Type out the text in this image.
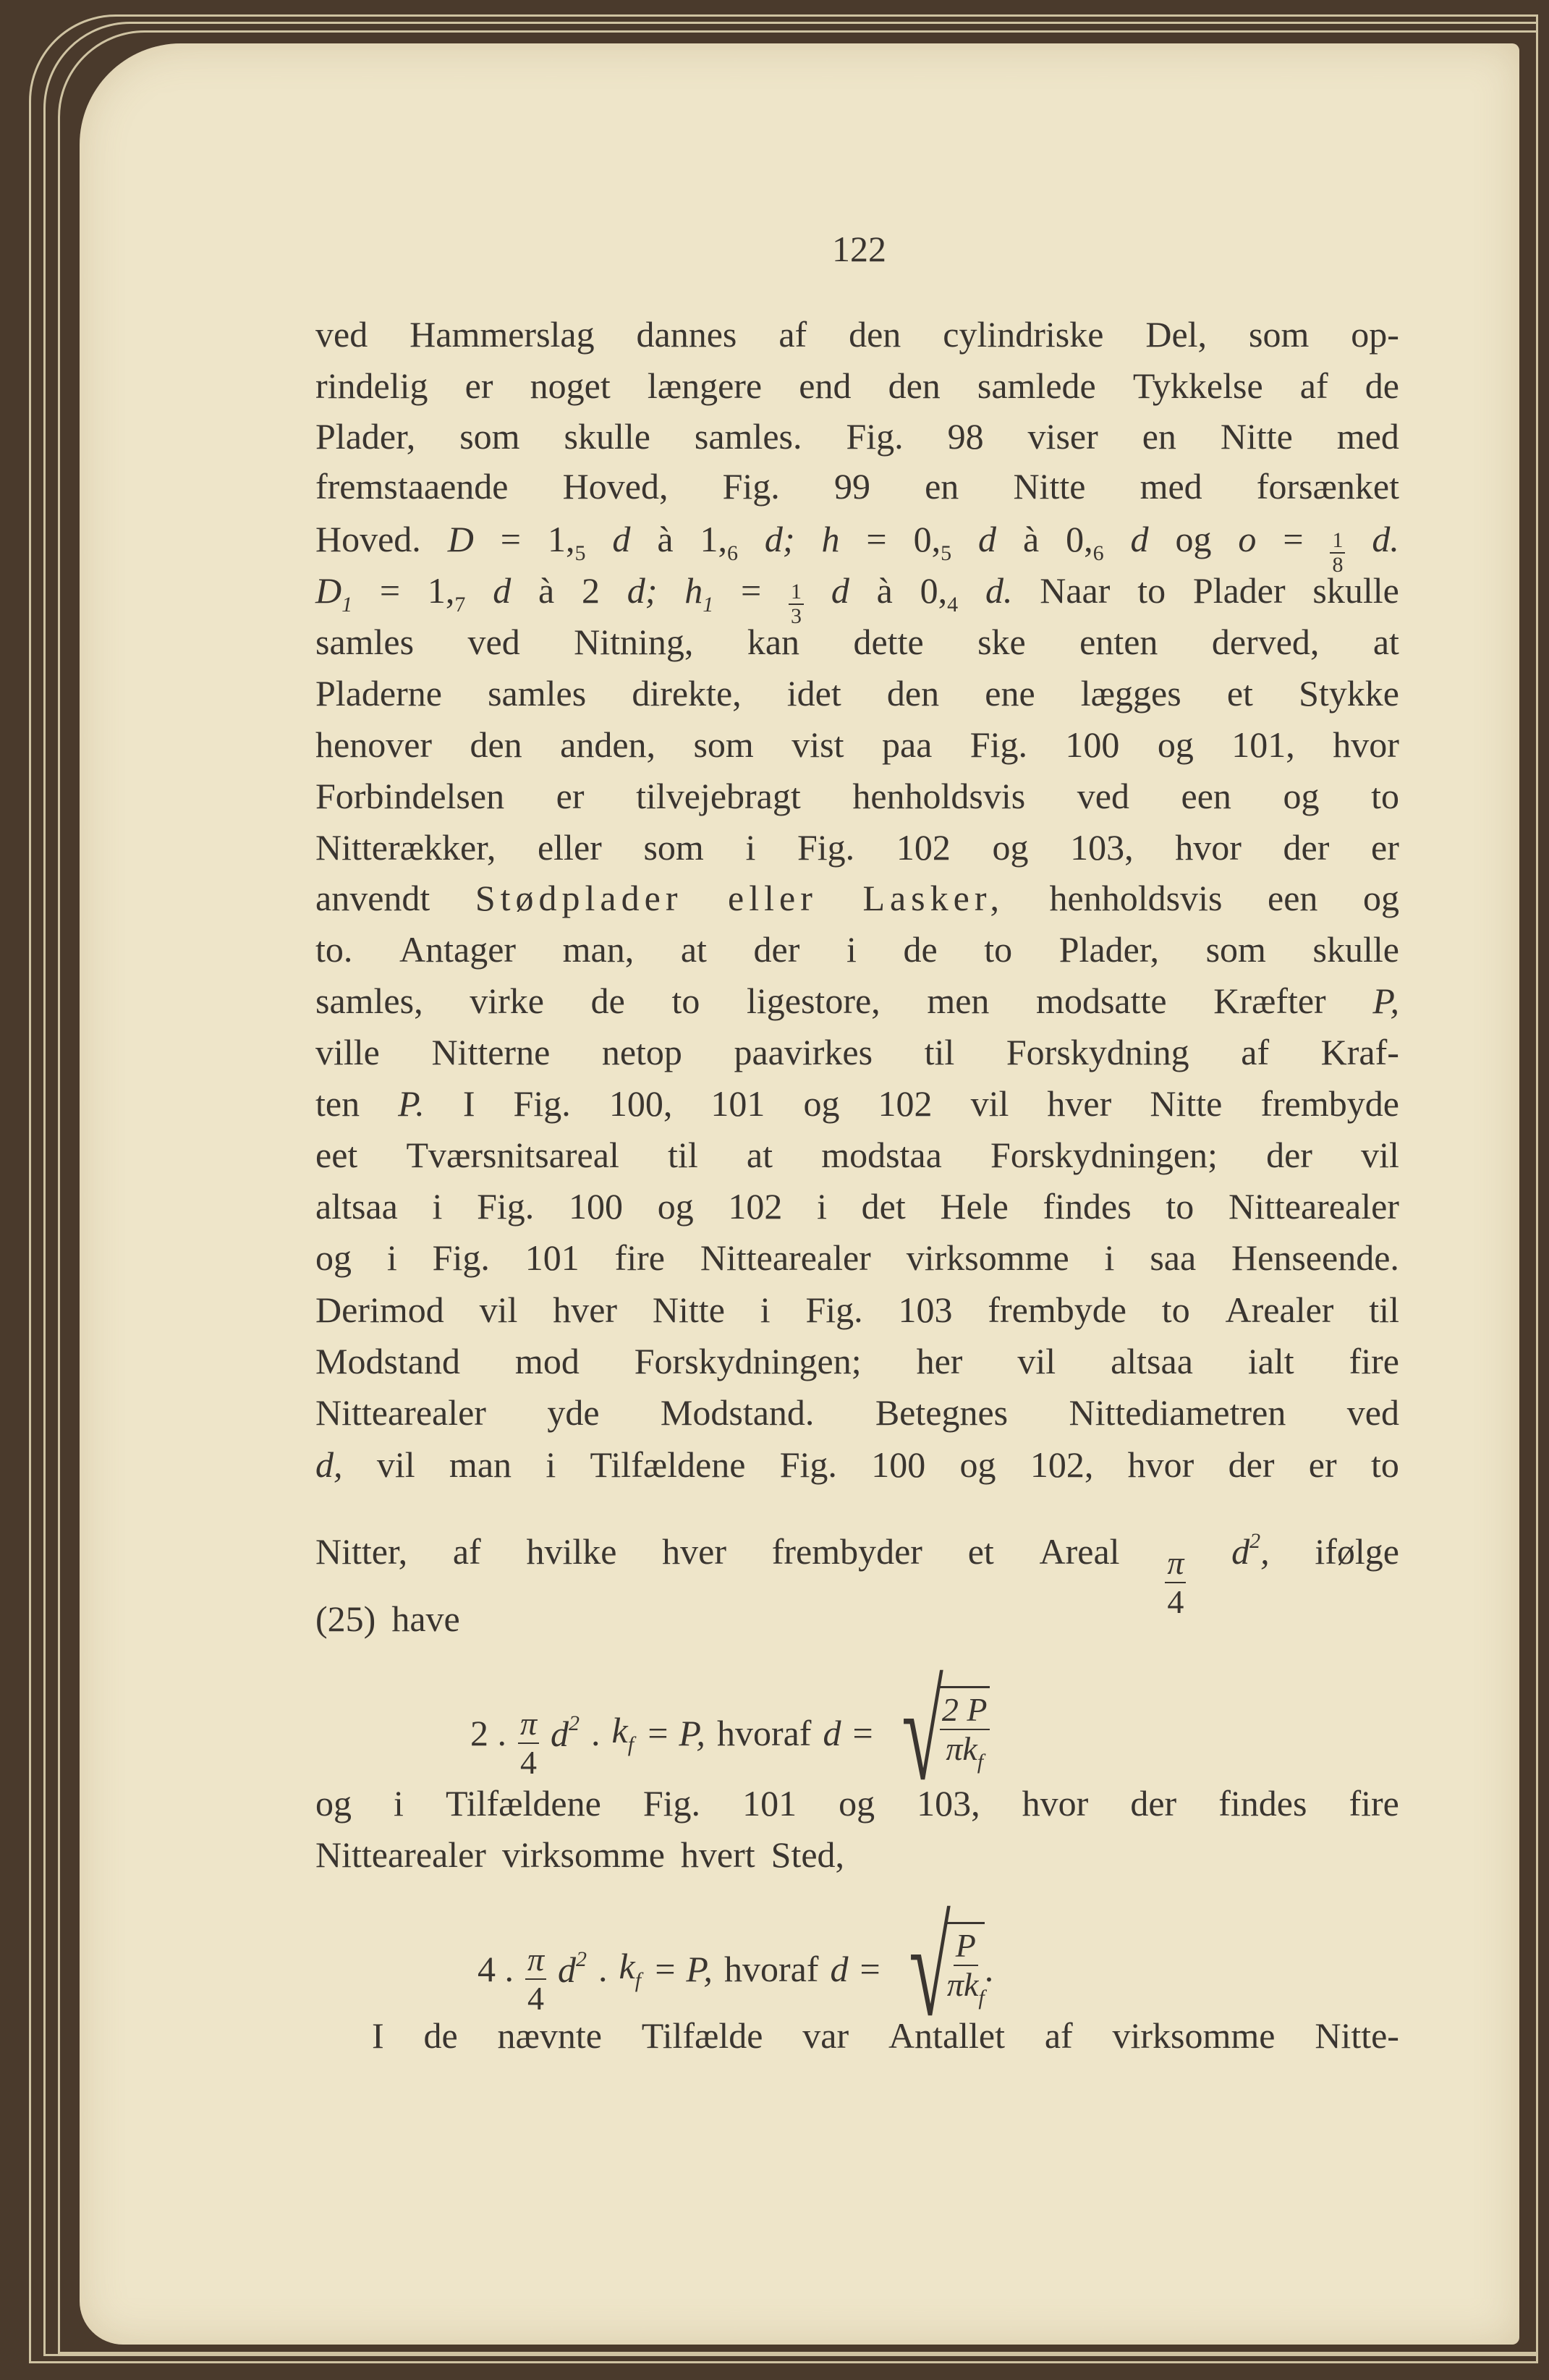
122
ved Hammerslag dannes af den cylindriske Del, som op-
rindelig er noget længere end den samlede Tykkelse af de
Plader, som skulle samles. Fig. 98 viser en Nitte med
fremstaaende Hoved, Fig. 99 en Nitte med forsænket
Hoved. $D = 1,_5$ d à $1,_6$ d; $h = 0,_5$ d à $0,_6$ d og $o = \frac{1}{8} d$.
$D_1 = 1,_7$ d à 2 d; $h_1 = \frac{1}{3}$ d à $0,_4$ d. Naar to Plader skulle
samles ved Nitning, kan dette ske enten derved, at
Pladerne samles direkte, idet den ene lægges et Stykke
henover den anden, som vist paa Fig. 100 og 101, hvor
Forbindelsen er tilvejebragt henholdsvis ved een og to
Nitterækker, eller som i Fig. 102 og 103, hvor der er
anvendt Stødplader eller Lasker, henholdsvis een og
to. Antager man, at der i de to Plader, som skulle
samles, virke de to ligestore, men modsatte Kræfter P,
ville Nitterne netop paavirkes til Forskydning af Kraf-
ten P. I Fig. 100, 101 og 102 vil hver Nitte frembyde
eet Tværsnitsareal til at modstaa Forskydningen; der vil
altsaa i Fig. 100 og 102 i det Hele findes to Nittearealer
og i Fig. 101 fire Nittearealer virksomme i saa Henseende.
Derimod vil hver Nitte i Fig. 103 frembyde to Arealer til
Modstand mod Forskydningen; her vil altsaa ialt fire
Nittearealer yde Modstand. Betegnes Nittediametren ved
d, vil man i Tilfældene Fig. 100 og 102, hvor der er to
Nitter, af hvilke hver frembyder et Areal $\frac{\pi}{4} d^2$, ifølge
(25) have
og i Tilfældene Fig. 101 og 103, hvor der findes fire
Nittearealer virksomme hvert Sted,
I de nævnte Tilfælde var Antallet af virksomme Nitte-
2 . $\frac{\pi}{4} d^2$ . $k_f = P$, hvoraf d = √
$\frac{2 P}{\pi k_f}$
4 . $\frac{\pi}{4} d^2$ . $k_f = P$, hvoraf d = √
$\frac{P}{\pi k_f}$ .
